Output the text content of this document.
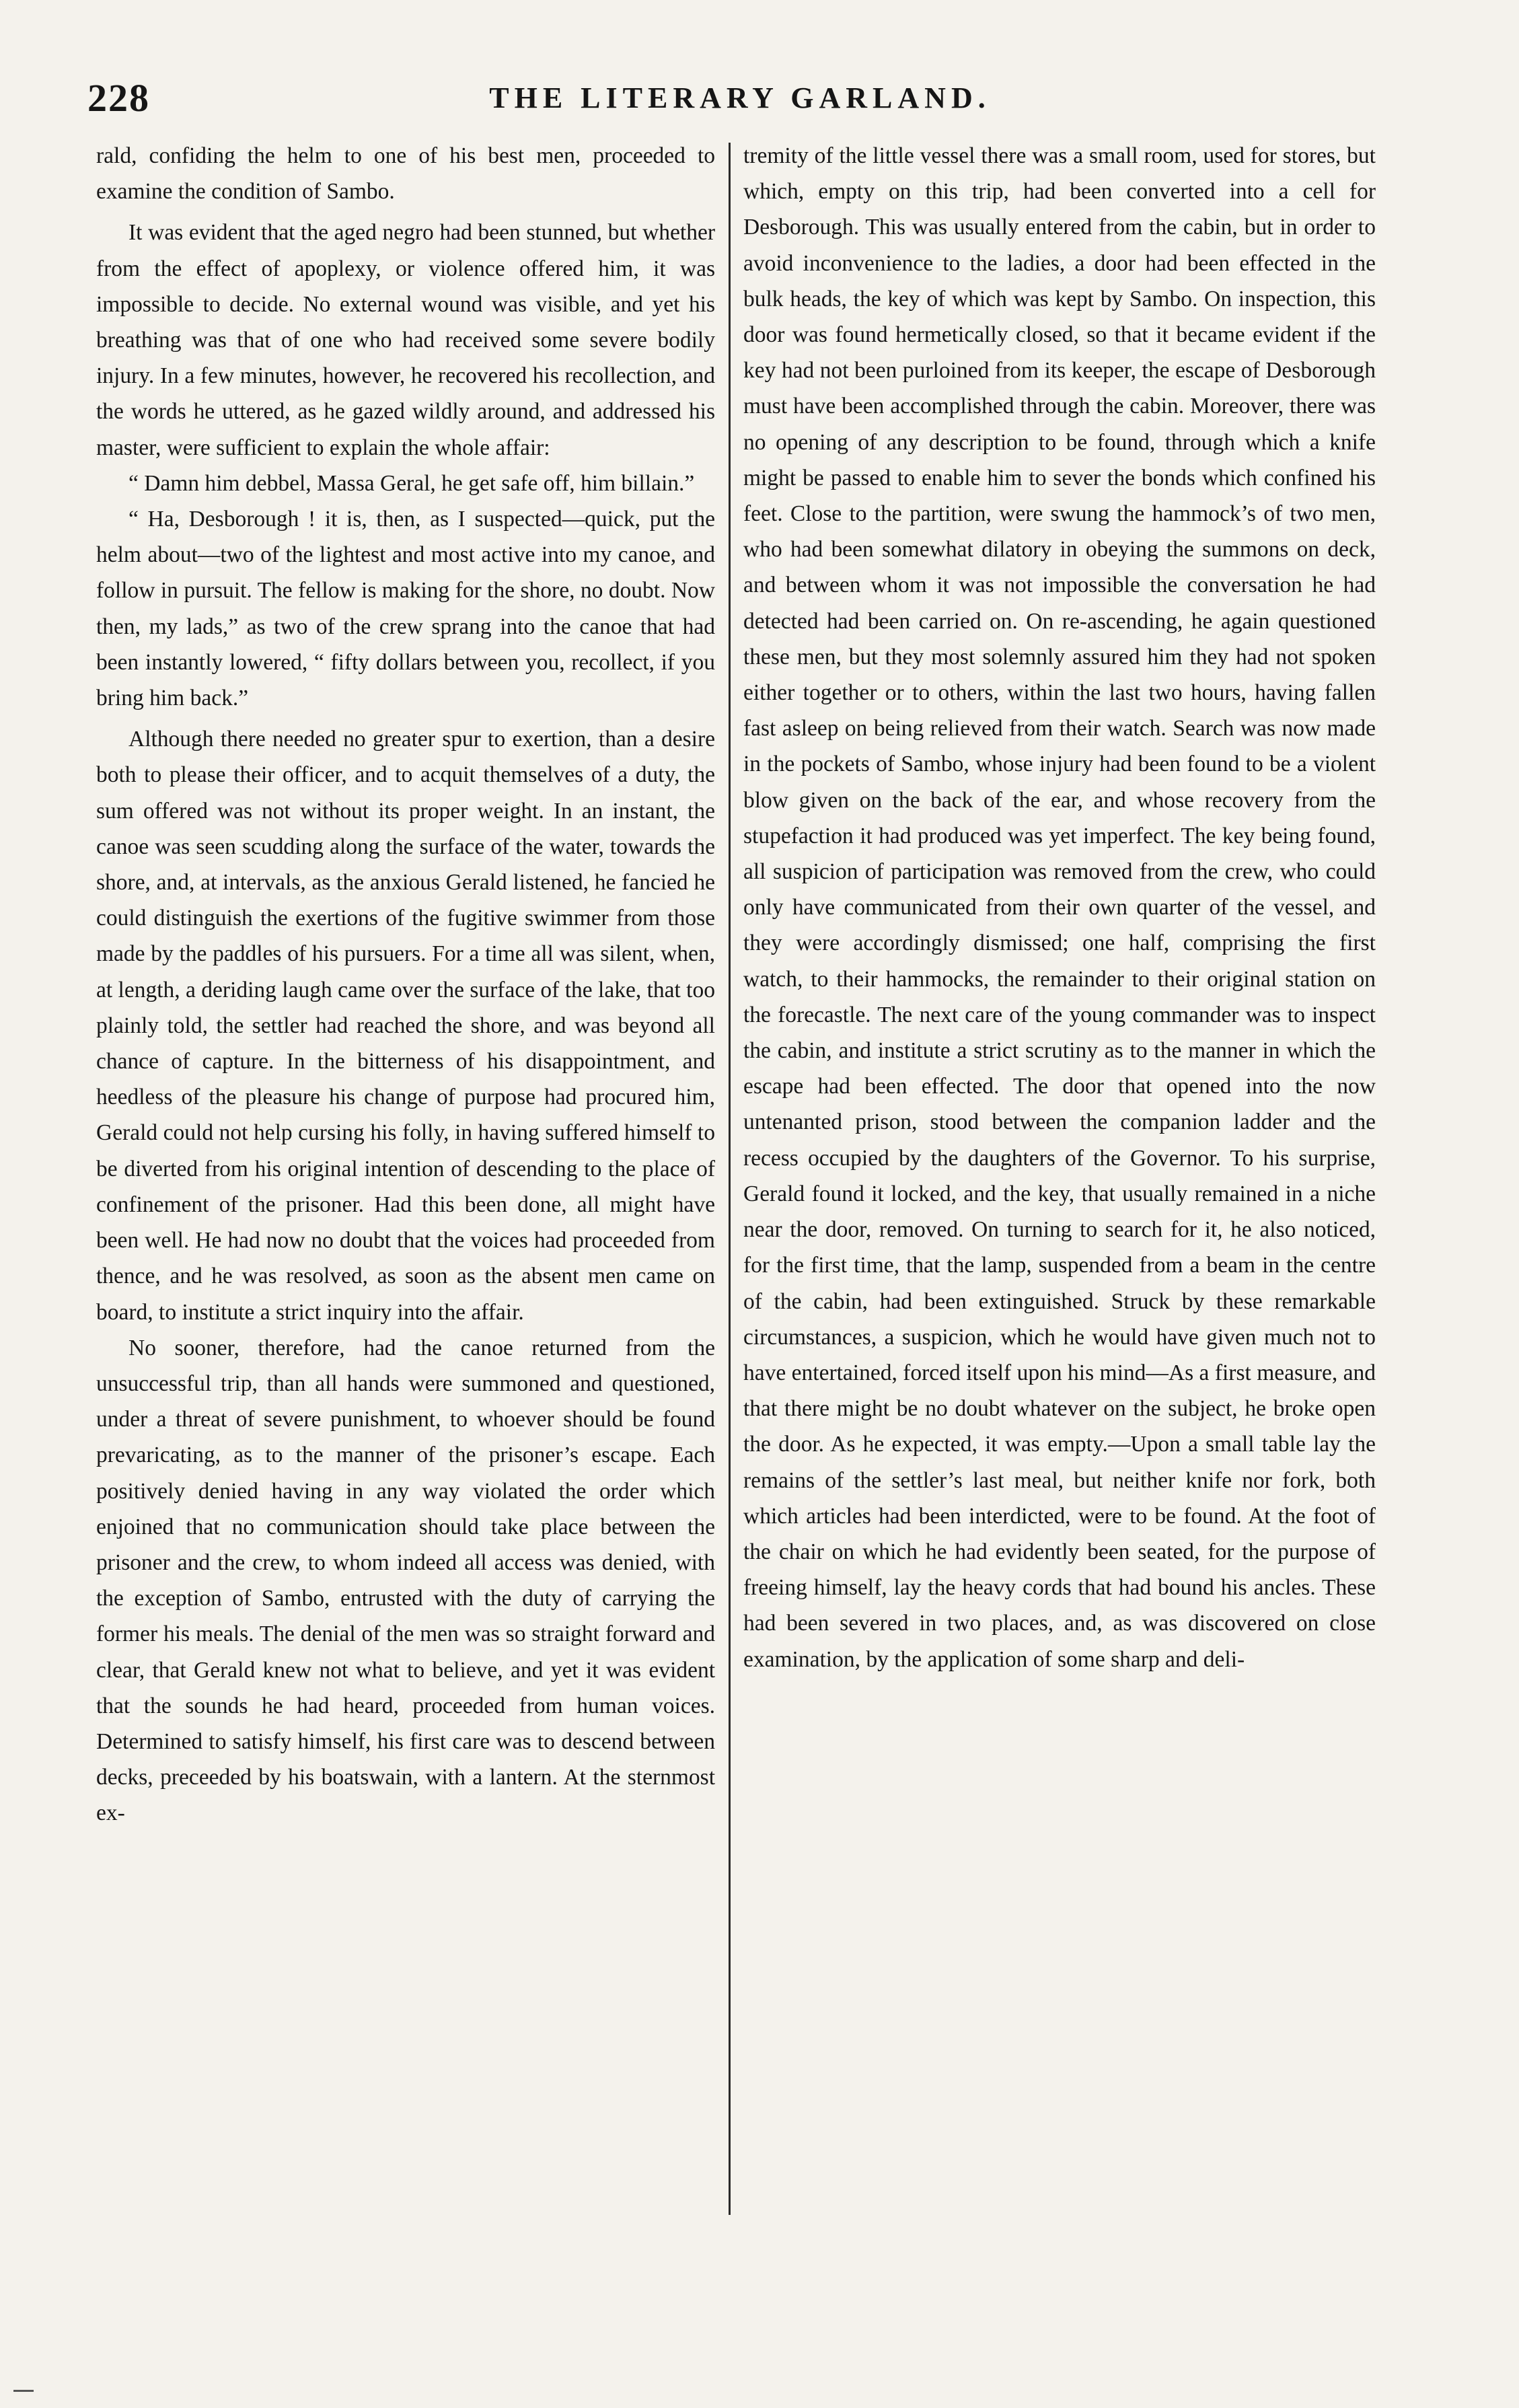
228	THE LITERARY GARLAND.

rald, confiding the helm to one of his best men, proceeded to examine the condition of Sambo.

It was evident that the aged negro had been stunned, but whether from the effect of apoplexy, or violence offered him, it was impossible to decide. No external wound was visible, and yet his breathing was that of one who had received some severe bodily injury. In a few minutes, however, he recovered his recollection, and the words he uttered, as he gazed wildly around, and addressed his master, were sufficient to explain the whole affair:

“ Damn him debbel, Massa Geral, he get safe off, him billain.”

“ Ha, Desborough ! it is, then, as I suspected—quick, put the helm about—two of the lightest and most active into my canoe, and follow in pursuit. The fellow is making for the shore, no doubt. Now then, my lads,” as two of the crew sprang into the canoe that had been instantly lowered, “ fifty dollars between you, recollect, if you bring him back.”

Although there needed no greater spur to exertion, than a desire both to please their officer, and to acquit themselves of a duty, the sum offered was not without its proper weight. In an instant, the canoe was seen scudding along the surface of the water, towards the shore, and, at intervals, as the anxious Gerald listened, he fancied he could distinguish the exertions of the fugitive swimmer from those made by the paddles of his pursuers. For a time all was silent, when, at length, a deriding laugh came over the surface of the lake, that too plainly told, the settler had reached the shore, and was beyond all chance of capture. In the bitterness of his disappointment, and heedless of the pleasure his change of purpose had procured him, Gerald could not help cursing his folly, in having suffered himself to be diverted from his original intention of descending to the place of confinement of the prisoner. Had this been done, all might have been well. He had now no doubt that the voices had proceeded from thence, and he was resolved, as soon as the absent men came on board, to institute a strict inquiry into the affair.

No sooner, therefore, had the canoe returned from the unsuccessful trip, than all hands were summoned and questioned, under a threat of severe punishment, to whoever should be found prevaricating, as to the manner of the prisoner’s escape. Each positively denied having in any way violated the order which enjoined that no communication should take place between the prisoner and the crew, to whom indeed all access was denied, with the exception of Sambo, entrusted with the duty of carrying the former his meals. The denial of the men was so straight forward and clear, that Gerald knew not what to believe, and yet it was evident that the sounds he had heard, proceeded from human voices. Determined to satisfy himself, his first care was to descend between decks, preceeded by his boatswain, with a lantern. At the sternmost ex-

tremity of the little vessel there was a small room, used for stores, but which, empty on this trip, had been converted into a cell for Desborough. This was usually entered from the cabin, but in order to avoid inconvenience to the ladies, a door had been effected in the bulk heads, the key of which was kept by Sambo. On inspection, this door was found hermetically closed, so that it became evident if the key had not been purloined from its keeper, the escape of Desborough must have been accomplished through the cabin. Moreover, there was no opening of any description to be found, through which a knife might be passed to enable him to sever the bonds which confined his feet. Close to the partition, were swung the hammock’s of two men, who had been somewhat dilatory in obeying the summons on deck, and between whom it was not impossible the conversation he had detected had been carried on. On re-ascending, he again questioned these men, but they most solemnly assured him they had not spoken either together or to others, within the last two hours, having fallen fast asleep on being relieved from their watch. Search was now made in the pockets of Sambo, whose injury had been found to be a violent blow given on the back of the ear, and whose recovery from the stupefaction it had produced was yet imperfect. The key being found, all suspicion of participation was removed from the crew, who could only have communicated from their own quarter of the vessel, and they were accordingly dismissed; one half, comprising the first watch, to their hammocks, the remainder to their original station on the forecastle. The next care of the young commander was to inspect the cabin, and institute a strict scrutiny as to the manner in which the escape had been effected. The door that opened into the now untenanted prison, stood between the companion ladder and the recess occupied by the daughters of the Governor. To his surprise, Gerald found it locked, and the key, that usually remained in a niche near the door, removed. On turning to search for it, he also noticed, for the first time, that the lamp, suspended from a beam in the centre of the cabin, had been extinguished. Struck by these remarkable circumstances, a suspicion, which he would have given much not to have entertained, forced itself upon his mind—As a first measure, and that there might be no doubt whatever on the subject, he broke open the door. As he expected, it was empty.—Upon a small table lay the remains of the settler’s last meal, but neither knife nor fork, both which articles had been interdicted, were to be found. At the foot of the chair on which he had evidently been seated, for the purpose of freeing himself, lay the heavy cords that had bound his ancles. These had been severed in two places, and, as was discovered on close examination, by the application of some sharp and deli-
